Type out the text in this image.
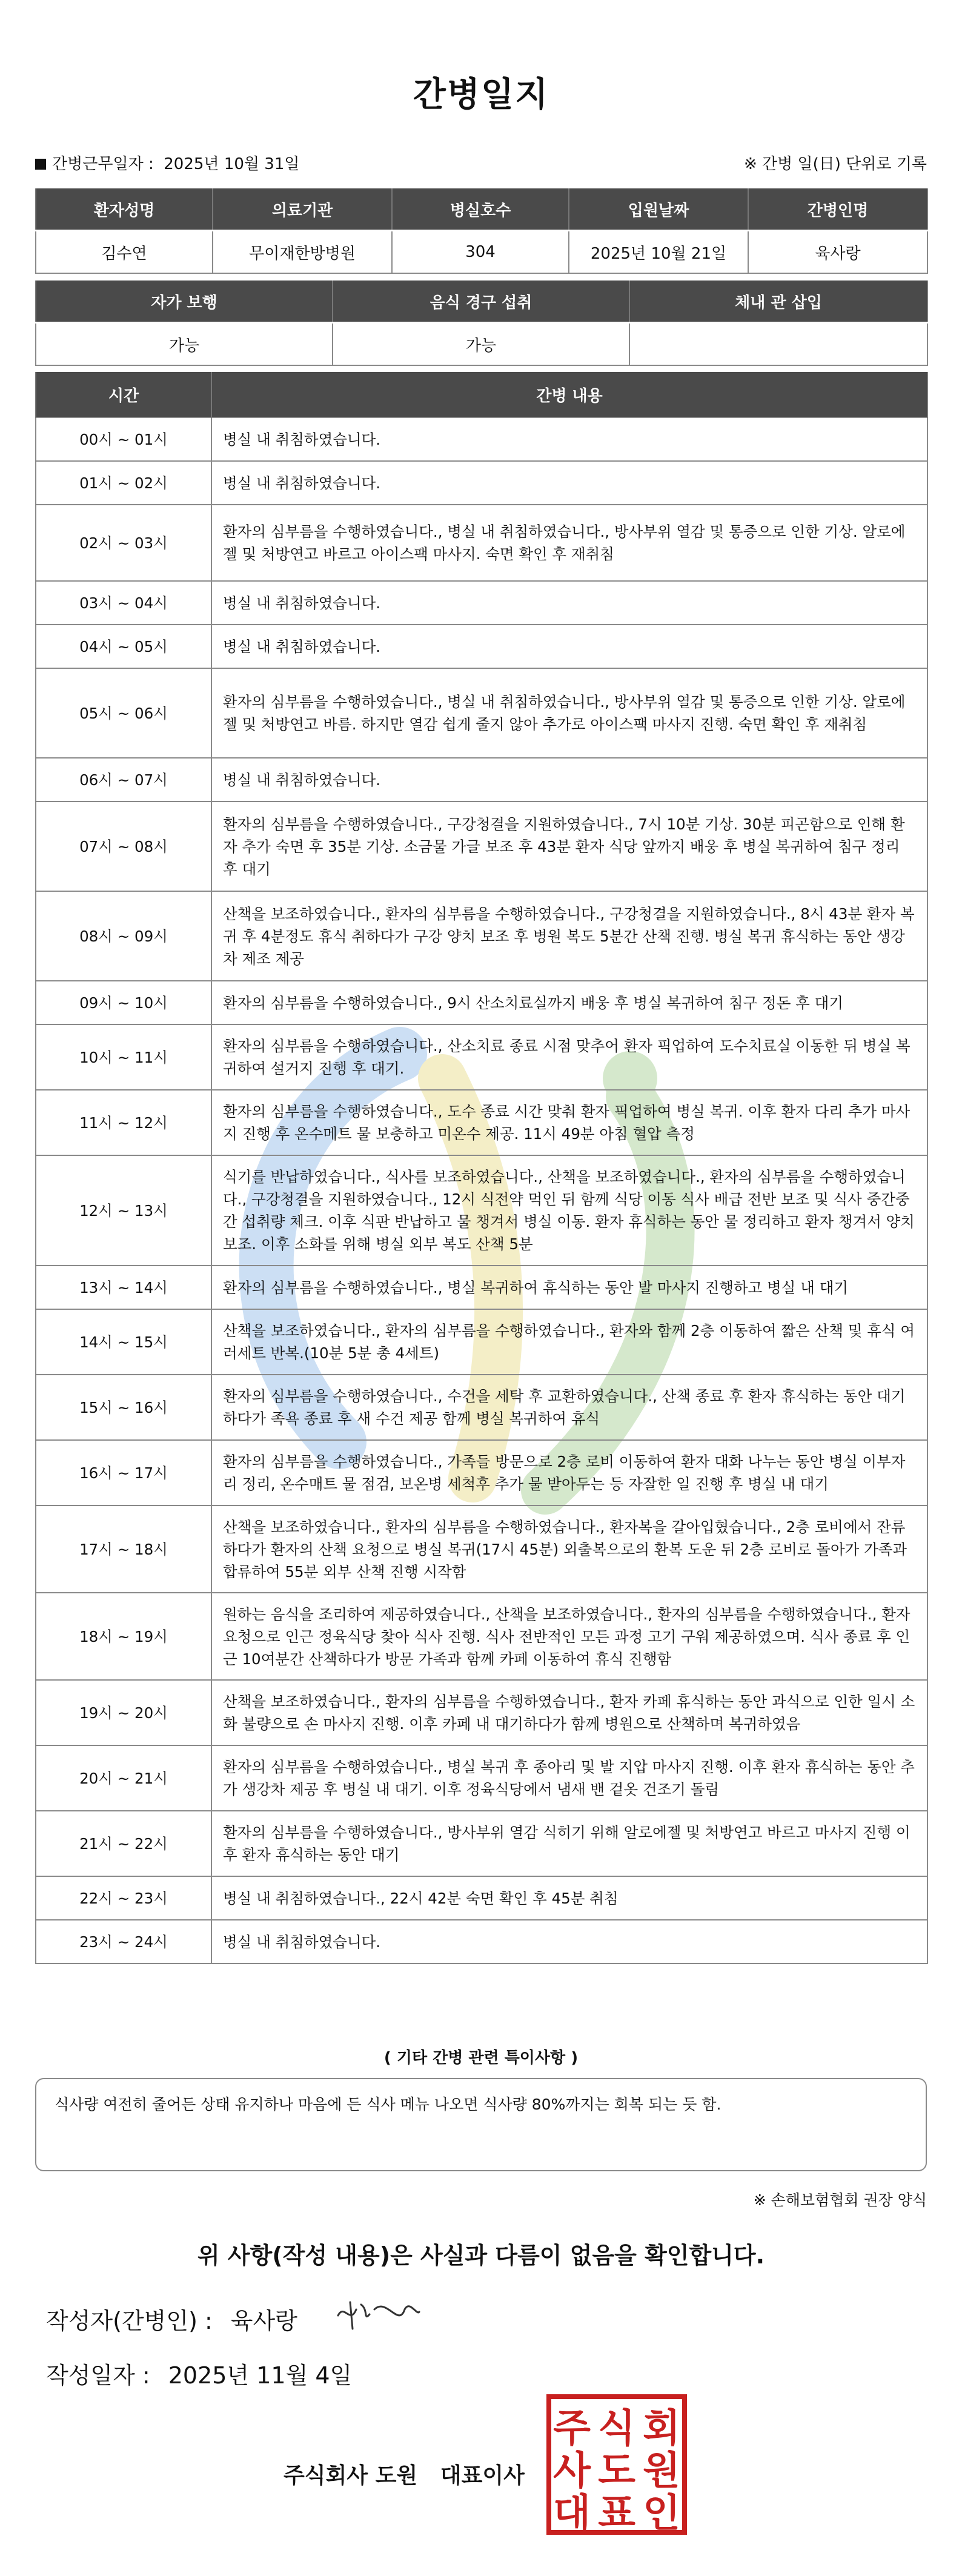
간병일지
간병근무일자 : 2025년 10월 31일	※ 간병 일(日) 단위로 기록
환자성명	의료기관	병실호수	입원날짜	간병인명
김수연	무이재한방병원	304	2025년 10월 21일	육사랑
자가 보행	음식 경구 섭취	체내 관 삽입
가능	가능	
시간	간병 내용
00시 ~ 01시	병실 내 취침하였습니다.
01시 ~ 02시	병실 내 취침하였습니다.
02시 ~ 03시	환자의 심부름을 수행하였습니다., 병실 내 취침하였습니다., 방사부위 열감 및 통증으로 인한 기상. 알로에젤 및 처방연고 바르고 아이스팩 마사지. 숙면 확인 후 재취침
03시 ~ 04시	병실 내 취침하였습니다.
04시 ~ 05시	병실 내 취침하였습니다.
05시 ~ 06시	환자의 심부름을 수행하였습니다., 병실 내 취침하였습니다., 방사부위 열감 및 통증으로 인한 기상. 알로에젤 및 처방연고 바름. 하지만 열감 쉽게 줄지 않아 추가로 아이스팩 마사지 진행. 숙면 확인 후 재취침
06시 ~ 07시	병실 내 취침하였습니다.
07시 ~ 08시	환자의 심부름을 수행하였습니다., 구강청결을 지원하였습니다., 7시 10분 기상. 30분 피곤함으로 인해 환자 추가 숙면 후 35분 기상. 소금물 가글 보조 후 43분 환자 식당 앞까지 배웅 후 병실 복귀하여 침구 정리 후 대기
08시 ~ 09시	산책을 보조하였습니다., 환자의 심부름을 수행하였습니다., 구강청결을 지원하였습니다., 8시 43분 환자 복귀 후 4분정도 휴식 취하다가 구강 양치 보조 후 병원 복도 5분간 산책 진행. 병실 복귀 휴식하는 동안 생강차 제조 제공
09시 ~ 10시	환자의 심부름을 수행하였습니다., 9시 산소치료실까지 배웅 후 병실 복귀하여 침구 정돈 후 대기
10시 ~ 11시	환자의 심부름을 수행하였습니다., 산소치료 종료 시점 맞추어 환자 픽업하여 도수치료실 이동한 뒤 병실 복귀하여 설거지 진행 후 대기.
11시 ~ 12시	환자의 심부름을 수행하였습니다., 도수 종료 시간 맞춰 환자 픽업하여 병실 복귀. 이후 환자 다리 추가 마사지 진행 후 온수메트 물 보충하고 미온수 제공. 11시 49분 아침 혈압 측정
12시 ~ 13시	식기를 반납하였습니다., 식사를 보조하였습니다., 산책을 보조하였습니다., 환자의 심부름을 수행하였습니다., 구강청결을 지원하였습니다., 12시 식전약 먹인 뒤 함께 식당 이동 식사 배급 전반 보조 및 식사 중간중간 섭취량 체크. 이후 식판 반납하고 물 챙겨서 병실 이동. 환자 휴식하는 동안 물 정리하고 환자 챙겨서 양치 보조. 이후 소화를 위해 병실 외부 복도 산책 5분
13시 ~ 14시	환자의 심부름을 수행하였습니다., 병실 복귀하여 휴식하는 동안 발 마사지 진행하고 병실 내 대기
14시 ~ 15시	산책을 보조하였습니다., 환자의 심부름을 수행하였습니다., 환자와 함께 2층 이동하여 짧은 산책 및 휴식 여러세트 반복.(10분 5분 총 4세트)
15시 ~ 16시	환자의 심부름을 수행하였습니다., 수건을 세탁 후 교환하였습니다., 산책 종료 후 환자 휴식하는 동안 대기하다가 족욕 종료 후 새 수건 제공 함께 병실 복귀하여 휴식
16시 ~ 17시	환자의 심부름을 수행하였습니다., 가족들 방문으로 2층 로비 이동하여 환자 대화 나누는 동안 병실 이부자리 정리, 온수매트 물 점검, 보온병 세척후 추가 물 받아두는 등 자잘한 일 진행 후 병실 내 대기
17시 ~ 18시	산책을 보조하였습니다., 환자의 심부름을 수행하였습니다., 환자복을 갈아입혔습니다., 2층 로비에서 잔류하다가 환자의 산책 요청으로 병실 복귀(17시 45분) 외출복으로의 환복 도운 뒤 2층 로비로 돌아가 가족과 합류하여 55분 외부 산책 진행 시작함
18시 ~ 19시	원하는 음식을 조리하여 제공하였습니다., 산책을 보조하였습니다., 환자의 심부름을 수행하였습니다., 환자 요청으로 인근 정육식당 찾아 식사 진행. 식사 전반적인 모든 과정 고기 구워 제공하였으며. 식사 종료 후 인근 10여분간 산책하다가 방문 가족과 함께 카페 이동하여 휴식 진행함
19시 ~ 20시	산책을 보조하였습니다., 환자의 심부름을 수행하였습니다., 환자 카페 휴식하는 동안 과식으로 인한 일시 소화 불량으로 손 마사지 진행. 이후 카페 내 대기하다가 함께 병원으로 산책하며 복귀하였음
20시 ~ 21시	환자의 심부름을 수행하였습니다., 병실 복귀 후 종아리 및 발 지압 마사지 진행. 이후 환자 휴식하는 동안 추가 생강차 제공 후 병실 내 대기. 이후 정육식당에서 냄새 밴 겉옷 건조기 돌림
21시 ~ 22시	환자의 심부름을 수행하였습니다., 방사부위 열감 식히기 위해 알로에젤 및 처방연고 바르고 마사지 진행 이후 환자 휴식하는 동안 대기
22시 ~ 23시	병실 내 취침하였습니다., 22시 42분 숙면 확인 후 45분 취침
23시 ~ 24시	병실 내 취침하였습니다.
( 기타 간병 관련 특이사항 )
식사량 여전히 줄어든 상태 유지하나 마음에 든 식사 메뉴 나오면 식사량 80%까지는 회복 되는 듯 함.
※ 손해보험협회 권장 양식
위 사항(작성 내용)은 사실과 다름이 없음을 확인합니다.
작성자(간병인) : 육사랑
작성일자 : 2025년 11월 4일
주식회사 도원   대표이사
주 식 회
사 도 원
대 표 인
